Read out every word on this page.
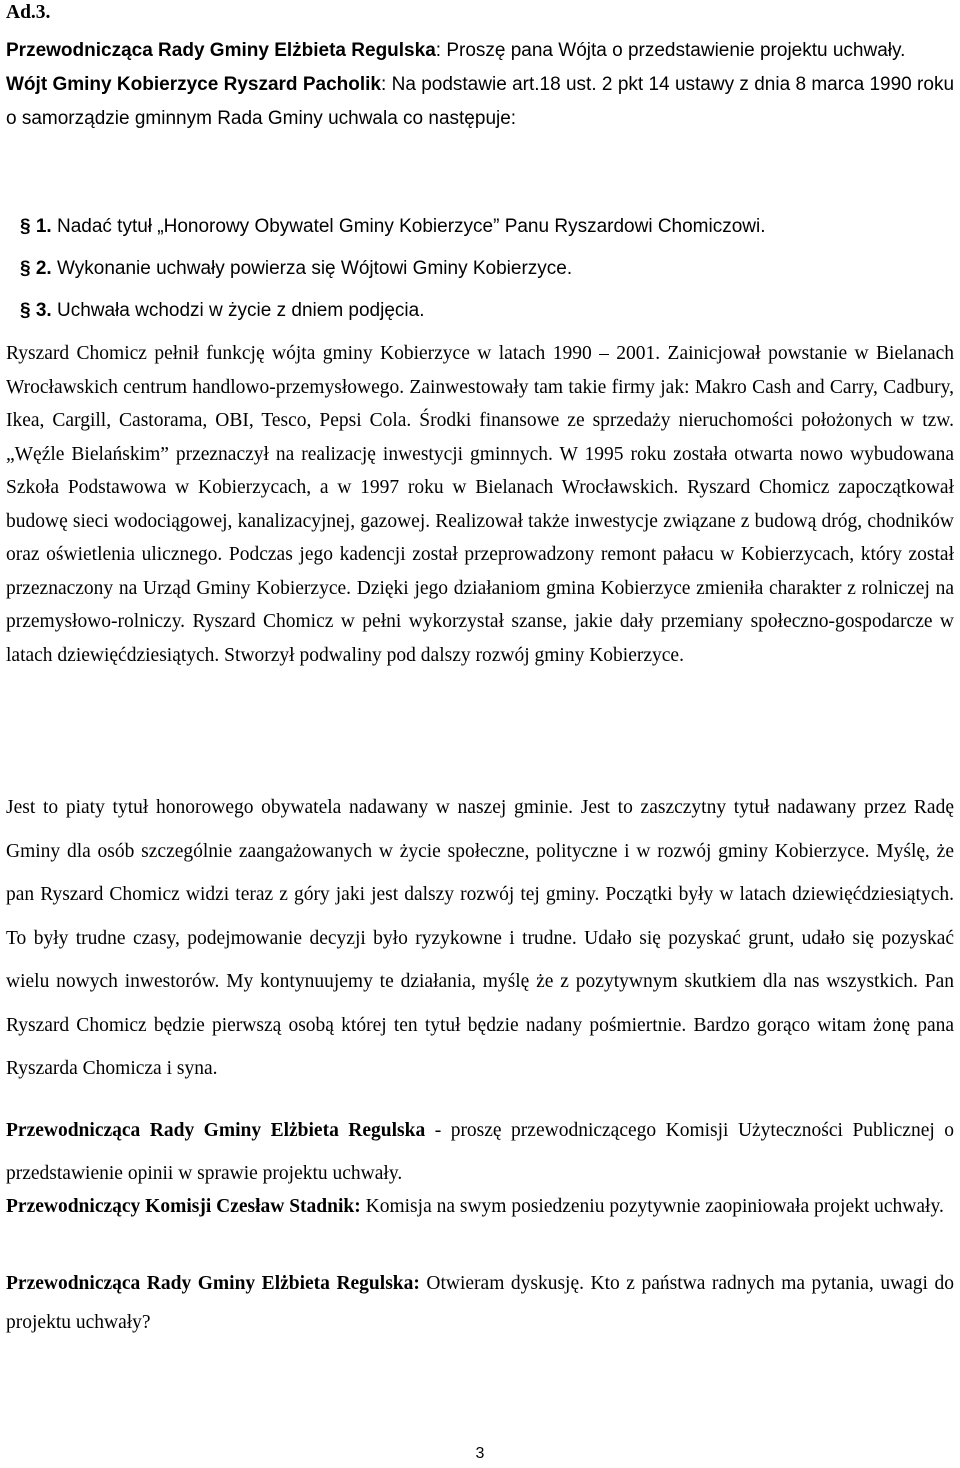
Ad.3.

Przewodnicząca Rady Gminy Elżbieta Regulska: Proszę pana Wójta o przedstawienie projektu uchwały.
Wójt Gminy Kobierzyce Ryszard Pacholik: Na podstawie art.18 ust. 2 pkt 14 ustawy z dnia 8 marca 1990 roku o samorządzie gminnym Rada Gminy uchwala co następuje:

§ 1. Nadać tytuł „Honorowy Obywatel Gminy Kobierzyce” Panu Ryszardowi Chomiczowi.
§ 2. Wykonanie uchwały powierza się Wójtowi Gminy Kobierzyce.
§ 3. Uchwała wchodzi w życie z dniem podjęcia.

Ryszard Chomicz pełnił funkcję wójta gminy Kobierzyce w latach 1990 – 2001. Zainicjował powstanie w Bielanach Wrocławskich centrum handlowo-przemysłowego. Zainwestowały tam takie firmy jak: Makro Cash and Carry, Cadbury, Ikea, Cargill, Castorama, OBI, Tesco, Pepsi Cola. Środki finansowe ze sprzedaży nieruchomości położonych w tzw. „Węźle Bielańskim” przeznaczył na realizację inwestycji gminnych. W 1995 roku została otwarta nowo wybudowana Szkoła Podstawowa w Kobierzycach, a w 1997 roku w Bielanach Wrocławskich. Ryszard Chomicz zapoczątkował budowę sieci wodociągowej, kanalizacyjnej, gazowej. Realizował także inwestycje związane z budową dróg, chodników oraz oświetlenia ulicznego. Podczas jego kadencji został przeprowadzony remont pałacu w Kobierzycach, który został przeznaczony na Urząd Gminy Kobierzyce. Dzięki jego działaniom gmina Kobierzyce zmieniła charakter z rolniczej na przemysłowo-rolniczy. Ryszard Chomicz w pełni wykorzystał szanse, jakie dały przemiany społeczno-gospodarcze w latach dziewięćdziesiątych. Stworzył podwaliny pod dalszy rozwój gminy Kobierzyce.

Jest to piaty tytuł honorowego obywatela nadawany w naszej gminie. Jest to zaszczytny tytuł nadawany przez Radę Gminy dla osób szczególnie zaangażowanych w życie społeczne, polityczne i w rozwój gminy Kobierzyce. Myślę, że pan Ryszard Chomicz widzi teraz z góry jaki jest dalszy rozwój tej gminy. Początki były w latach dziewięćdziesiątych. To były trudne czasy, podejmowanie decyzji było ryzykowne i trudne. Udało się pozyskać grunt, udało się pozyskać wielu nowych inwestorów. My kontynuujemy te działania, myślę że z pozytywnym skutkiem dla nas wszystkich. Pan Ryszard Chomicz będzie pierwszą osobą której ten tytuł będzie nadany pośmiertnie. Bardzo gorąco witam żonę pana Ryszarda Chomicza i syna.

Przewodnicząca Rady Gminy Elżbieta Regulska - proszę przewodniczącego Komisji Użyteczności Publicznej o przedstawienie opinii w sprawie projektu uchwały.

Przewodniczący Komisji Czesław Stadnik: Komisja na swym posiedzeniu pozytywnie zaopiniowała projekt uchwały.

Przewodnicząca Rady Gminy Elżbieta Regulska: Otwieram dyskusję. Kto z państwa radnych ma pytania, uwagi do projektu uchwały?

3
